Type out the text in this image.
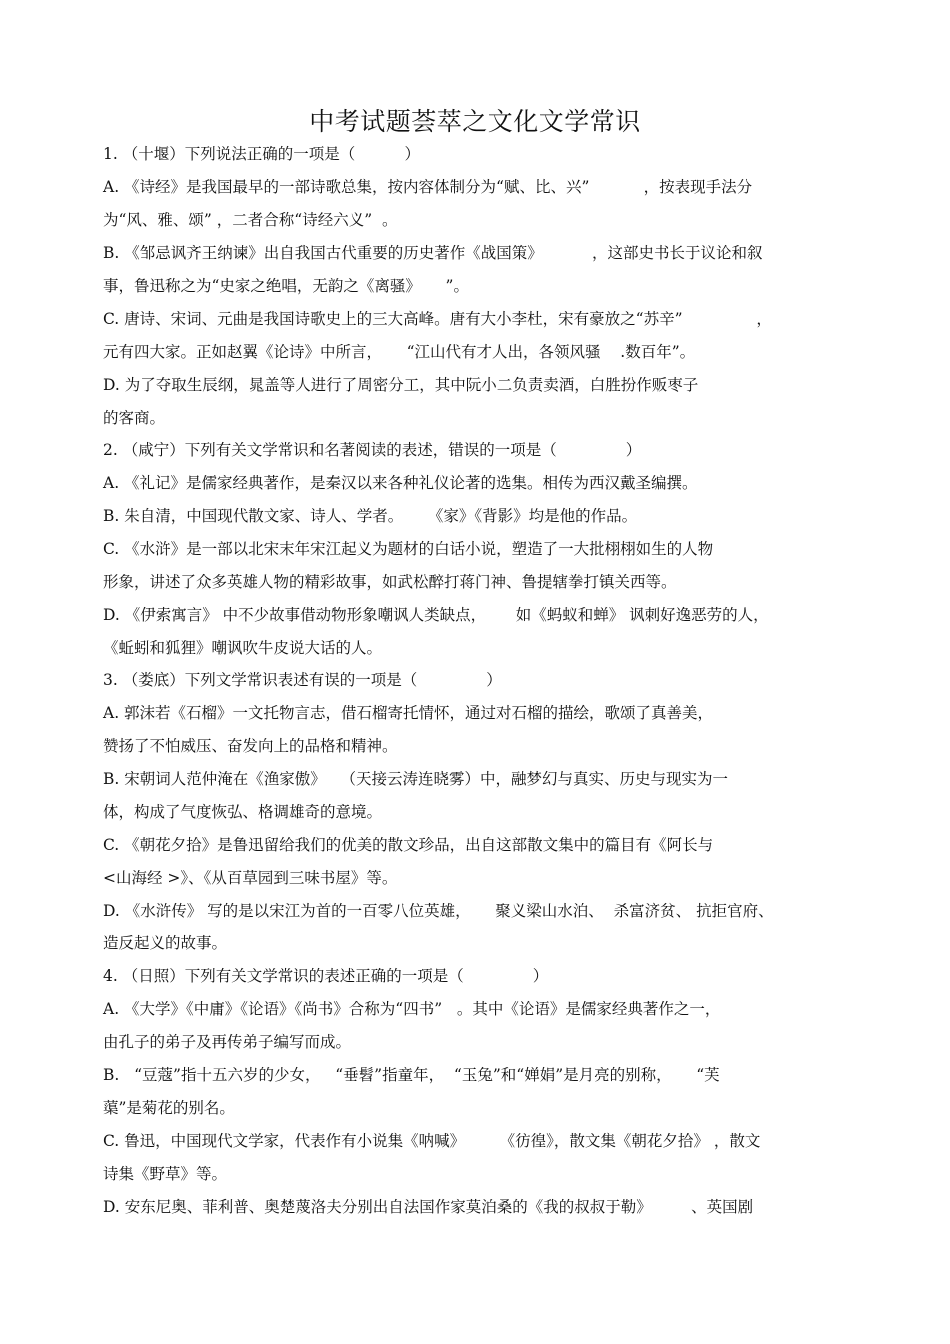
中考试题荟萃之文化文学常识
1. （十堰）下列说法正确的一项是（          ）
A. 《诗经》是我国最早的一部诗歌总集，按内容体制分为“赋、比、兴”           ，按表现手法分
为“风、雅、颂” ，二者合称“诗经六义”  。
B. 《邹忌讽齐王纳谏》出自我国古代重要的历史著作《战国策》          ，这部史书长于议论和叙
事，鲁迅称之为“史家之绝唱，无韵之《离骚》     ”。
C. 唐诗、宋词、元曲是我国诗歌史上的三大高峰。唐有大小李杜，宋有豪放之“苏辛”               ，
元有四大家。正如赵翼《论诗》中所言，     “江山代有才人出，各领风骚    .数百年”。
D. 为了夺取生辰纲，晁盖等人进行了周密分工，其中阮小二负责卖酒，白胜扮作贩枣子
的客商。
2. （咸宁）下列有关文学常识和名著阅读的表述，错误的一项是（              ）
A. 《礼记》是儒家经典著作，是秦汉以来各种礼仪论著的选集。相传为西汉戴圣编撰。
B. 朱自清，中国现代散文家、诗人、学者。     《家》《背影》均是他的作品。
C. 《水浒》是一部以北宋末年宋江起义为题材的白话小说，塑造了一大批栩栩如生的人物
形象，讲述了众多英雄人物的精彩故事，如武松醉打蒋门神、鲁提辖拳打镇关西等。
D. 《伊索寓言》 中不少故事借动物形象嘲讽人类缺点，      如《蚂蚁和蝉》 讽刺好逸恶劳的人，
《蚯蚓和狐狸》嘲讽吹牛皮说大话的人。
3. （娄底）下列文学常识表述有误的一项是（              ）
A. 郭沫若《石榴》一文托物言志，借石榴寄托情怀，通过对石榴的描绘，歌颂了真善美，
赞扬了不怕威压、奋发向上的品格和精神。
B. 宋朝词人范仲淹在《渔家傲》   （天接云涛连晓雾）中，融梦幻与真实、历史与现实为一
体，构成了气度恢弘、格调雄奇的意境。
C. 《朝花夕拾》是鲁迅留给我们的优美的散文珍品，出自这部散文集中的篇目有《阿长与
<山海经 >》、《从百草园到三味书屋》等。
D. 《水浒传》 写的是以宋江为首的一百零八位英雄，     聚义梁山水泊、  杀富济贫、 抗拒官府、
造反起义的故事。
4. （日照）下列有关文学常识的表述正确的一项是（              ）
A. 《大学》《中庸》《论语》《尚书》合称为“四书”   。其中《论语》是儒家经典著作之一，
由孔子的弟子及再传弟子编写而成。
B.   “豆蔻”指十五六岁的少女，   “垂髫”指童年，  “玉兔”和“婵娟”是月亮的别称，     “芙
蕖”是菊花的别名。
C. 鲁迅，中国现代文学家，代表作有小说集《呐喊》       《彷徨》，散文集《朝花夕拾》 ，散文
诗集《野草》等。
D. 安东尼奥、菲利普、奥楚蔑洛夫分别出自法国作家莫泊桑的《我的叔叔于勒》        、英国剧
